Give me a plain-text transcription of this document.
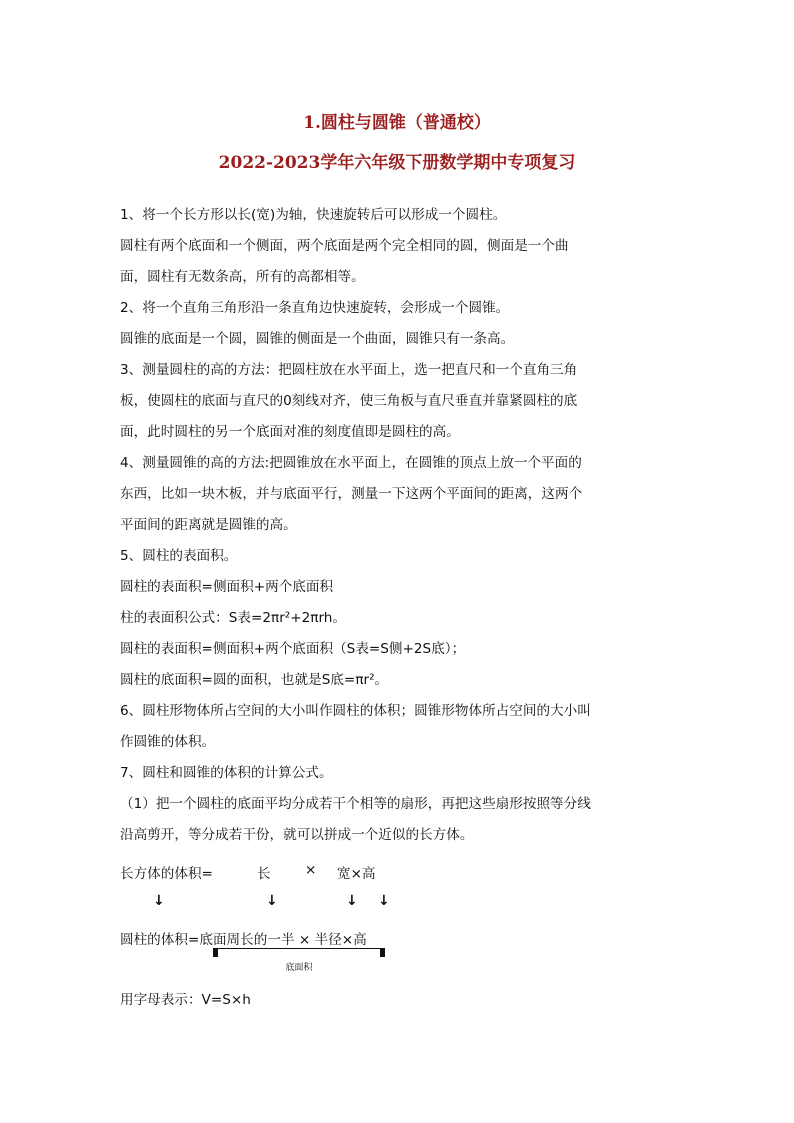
1.圆柱与圆锥（普通校）
2022-2023学年六年级下册数学期中专项复习
1、将一个长方形以长(宽)为轴，快速旋转后可以形成一个圆柱。
圆柱有两个底面和一个侧面，两个底面是两个完全相同的圆，侧面是一个曲
面，圆柱有无数条高，所有的高都相等。
2、将一个直角三角形沿一条直角边快速旋转，会形成一个圆锥。
圆锥的底面是一个圆，圆锥的侧面是一个曲面，圆锥只有一条高。
3、测量圆柱的高的方法：把圆柱放在水平面上，选一把直尺和一个直角三角
板，使圆柱的底面与直尺的0刻线对齐，使三角板与直尺垂直并靠紧圆柱的底
面，此时圆柱的另一个底面对准的刻度值即是圆柱的高。
4、测量圆锥的高的方法:把圆锥放在水平面上，在圆锥的顶点上放一个平面的
东西，比如一块木板，并与底面平行，测量一下这两个平面间的距离，这两个
平面间的距离就是圆锥的高。
5、圆柱的表面积。
圆柱的表面积=侧面积+两个底面积
柱的表面积公式：S表=2πr²+2πrh。
圆柱的表面积=侧面积+两个底面积（S表=S侧+2S底）；
圆柱的底面积=圆的面积，也就是S底=πr²。
6、圆柱形物体所占空间的大小叫作圆柱的体积；圆锥形物体所占空间的大小叫
作圆锥的体积。
7、圆柱和圆锥的体积的计算公式。
（1）把一个圆柱的底面平均分成若干个相等的扇形，再把这些扇形按照等分线
沿高剪开，等分成若干份，就可以拼成一个近似的长方体。
长方体的体积=	长	× 宽×高
↓	↓	↓ ↓
圆柱的体积=底面周长的一半 × 半径×高
底面积
用字母表示：V=S×h
